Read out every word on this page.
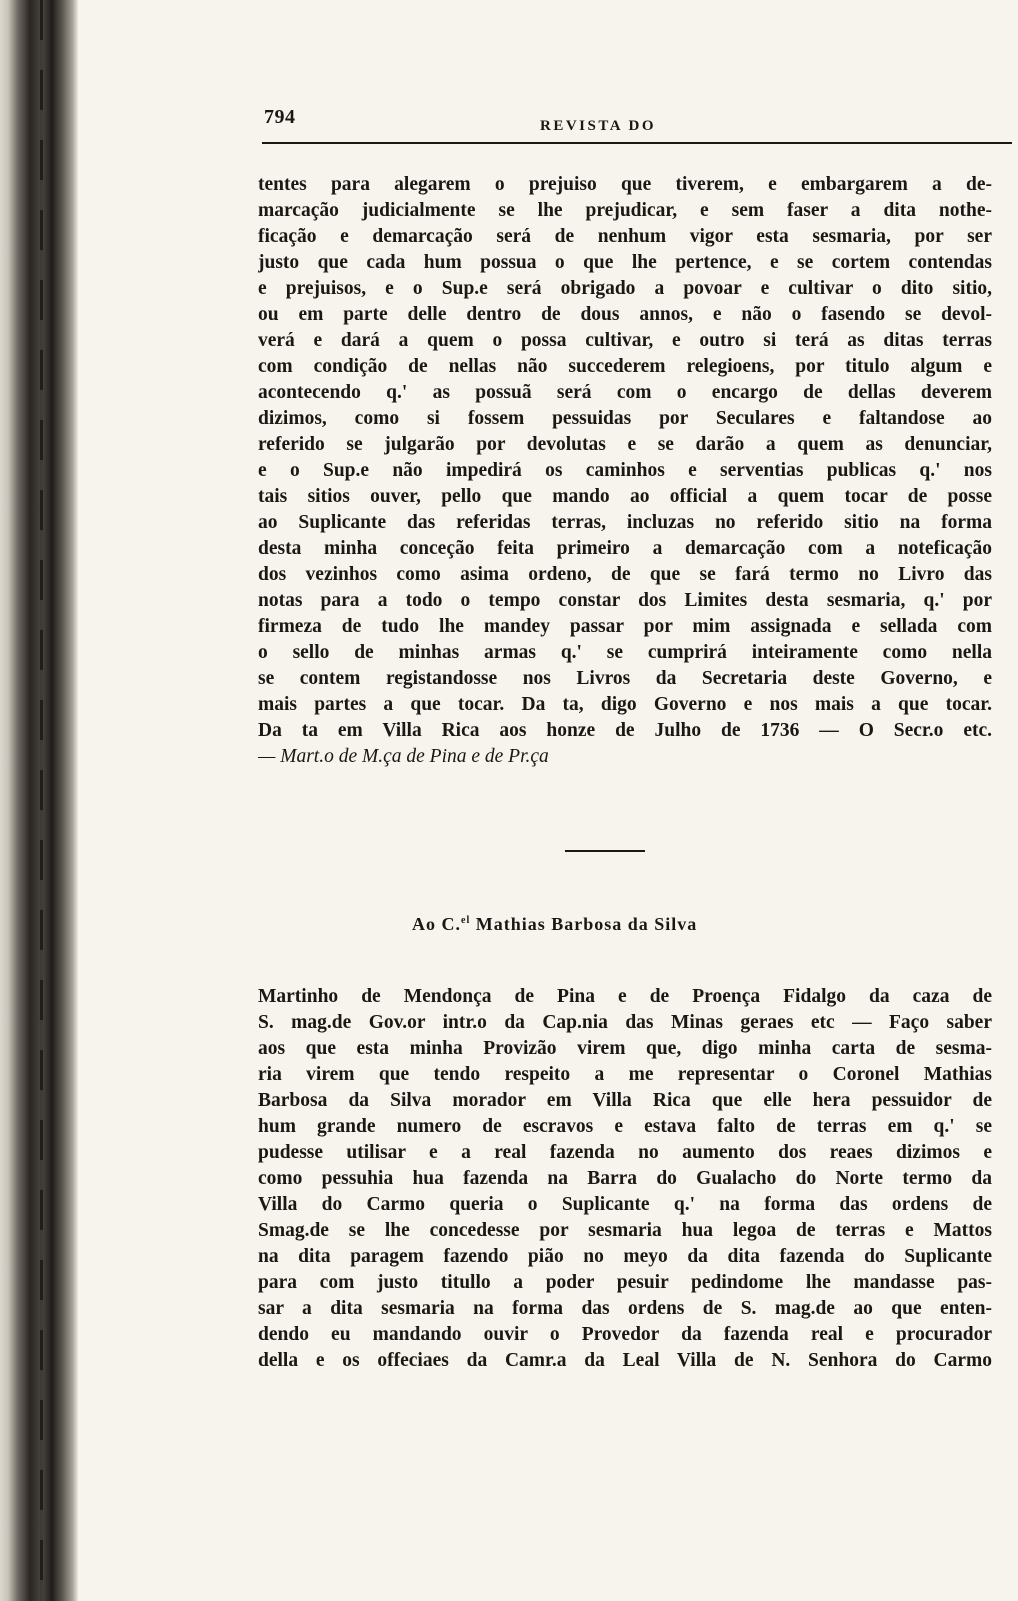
794	REVISTA DO
tentes para alegarem o prejuiso que tiverem, e embargarem a de-
marcação judicialmente se lhe prejudicar, e sem faser a dita nothe-
ficação e demarcação será de nenhum vigor esta sesmaria, por ser
justo que cada hum possua o que lhe pertence, e se cortem contendas
e prejuisos, e o Sup.e será obrigado a povoar e cultivar o dito sitio,
ou em parte delle dentro de dous annos, e não o fasendo se devol-
verá e dará a quem o possa cultivar, e outro si terá as ditas terras
com condição de nellas não succederem relegioens, por titulo algum e
acontecendo q.' as possuã será com o encargo de dellas deverem
dizimos, como si fossem pessuidas por Seculares e faltandose ao
referido se julgarão por devolutas e se darão a quem as denunciar,
e o Sup.e não impedirá os caminhos e serventias publicas q.' nos
tais sitios ouver, pello que mando ao official a quem tocar de posse
ao Suplicante das referidas terras, incluzas no referido sitio na forma
desta minha conceção feita primeiro a demarcação com a noteficação
dos vezinhos como asima ordeno, de que se fará termo no Livro das
notas para a todo o tempo constar dos Limites desta sesmaria, q.' por
firmeza de tudo lhe mandey passar por mim assignada e sellada com
o sello de minhas armas q.' se cumprirá inteiramente como nella
se contem registandosse nos Livros da Secretaria deste Governo, e
mais partes a que tocar. Da ta, digo Governo e nos mais a que tocar.
Da ta em Villa Rica aos honze de Julho de 1736 — O Secr.o etc.
— Mart.o de M.ça de Pina e de Pr.ça
Ao C.$^{el}$ Mathias Barbosa da Silva
Martinho de Mendonça de Pina e de Proença Fidalgo da caza de
S. mag.de Gov.or intr.o da Cap.nia das Minas geraes etc — Faço saber
aos que esta minha Provizão virem que, digo minha carta de sesma-
ria virem que tendo respeito a me representar o Coronel Mathias
Barbosa da Silva morador em Villa Rica que elle hera pessuidor de
hum grande numero de escravos e estava falto de terras em q.' se
pudesse utilisar e a real fazenda no aumento dos reaes dizimos e
como pessuhia hua fazenda na Barra do Gualacho do Norte termo da
Villa do Carmo queria o Suplicante q.' na forma das ordens de
Smag.de se lhe concedesse por sesmaria hua legoa de terras e Mattos
na dita paragem fazendo pião no meyo da dita fazenda do Suplicante
para com justo titullo a poder pesuir pedindome lhe mandasse pas-
sar a dita sesmaria na forma das ordens de S. mag.de ao que enten-
dendo eu mandando ouvir o Provedor da fazenda real e procurador
della e os offeciaes da Camr.a da Leal Villa de N. Senhora do Carmo
